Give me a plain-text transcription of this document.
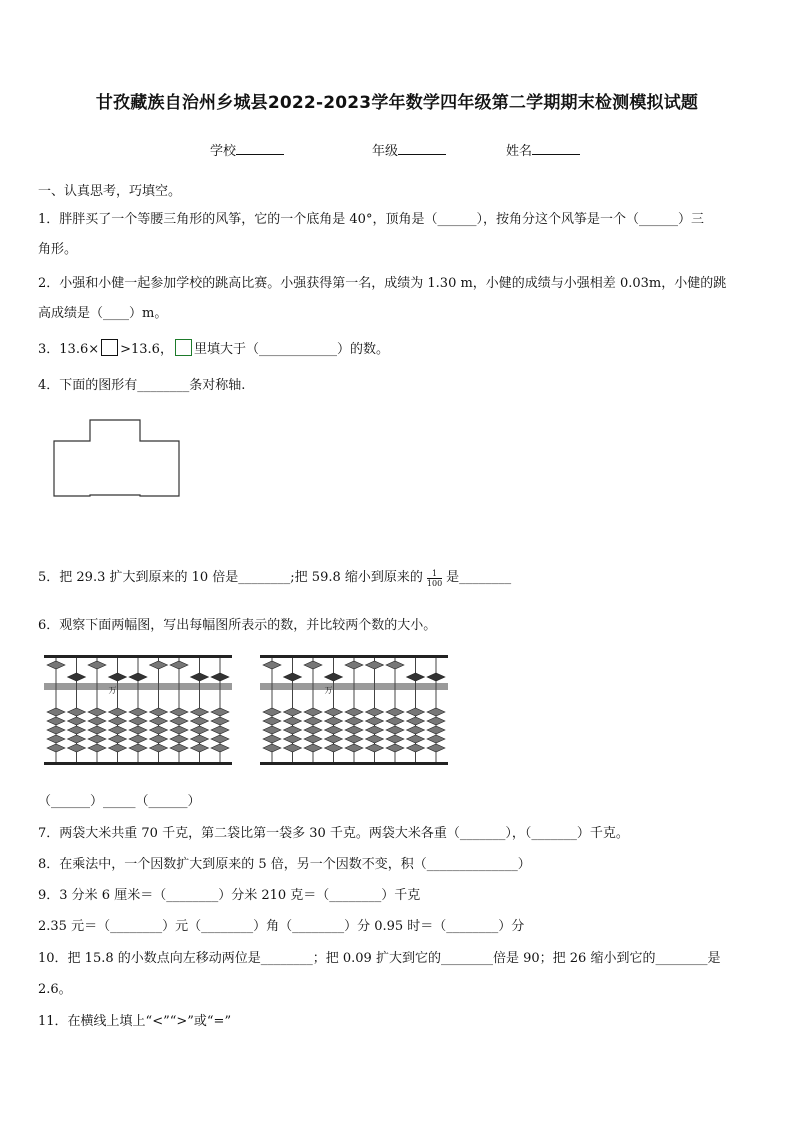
甘孜藏族自治州乡城县2022-2023学年数学四年级第二学期期末检测模拟试题
学校	年级	姓名
一、认真思考，巧填空。
1．胖胖买了一个等腰三角形的风筝，它的一个底角是 40°，顶角是（______），按角分这个风筝是一个（______）三
角形。
2．小强和小健一起参加学校的跳高比赛。小强获得第一名，成绩为 1.30 m，小健的成绩与小强相差 0.03m，小健的跳
高成绩是（____）m。
3．13.6× >13.6， 里填大于（____________）的数。
4．下面的图形有________条对称轴.
5．把 29.3 扩大到原来的 10 倍是________;把 59.8 缩小到原来的 $\frac{1}{100}$ 是________
6．观察下面两幅图，写出每幅图所表示的数，并比较两个数的大小。
万	万
（______）_____（______）
7．两袋大米共重 70 千克，第二袋比第一袋多 30 千克。两袋大米各重（_______），（_______）千克。
8．在乘法中，一个因数扩大到原来的 5 倍，另一个因数不变，积（______________）
9．3 分米 6 厘米＝（________）分米 210 克＝（________）千克
2.35 元＝（________）元（________）角（________）分 0.95 时＝（________）分
10．把 15.8 的小数点向左移动两位是________；把 0.09 扩大到它的________倍是 90；把 26 缩小到它的________是
2.6。
11．在横线上填上“<”“>”或“=”
